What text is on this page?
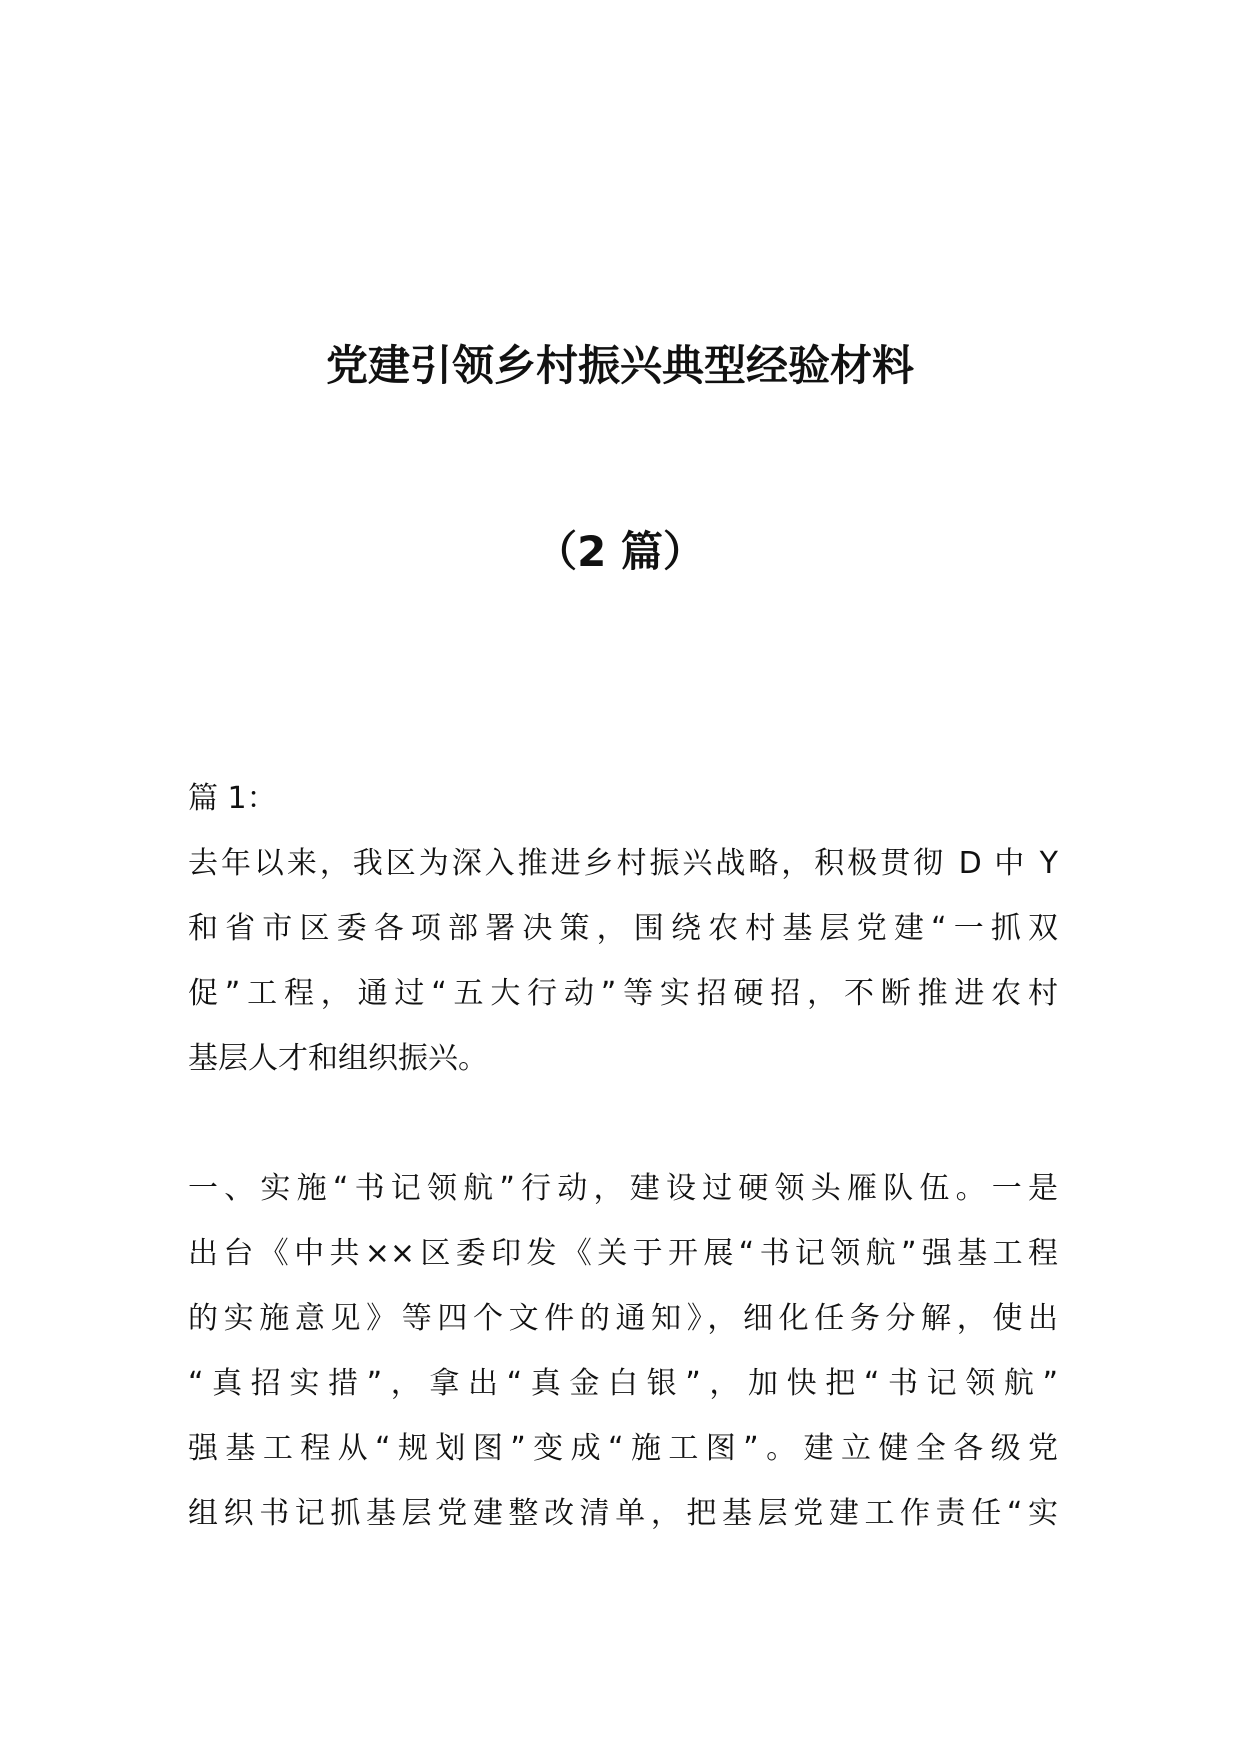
党建引领乡村振兴典型经验材料
（2 篇）

篇 1：

去年以来，我区为深入推进乡村振兴战略，积极贯彻 D 中 Y
和省市区委各项部署决策，围绕农村基层党建“一抓双
促”工程，通过“五大行动”等实招硬招，不断推进农村
基层人才和组织振兴。

一、实施“书记领航”行动，建设过硬领头雁队伍。一是
出台《中共××区委印发《关于开展“书记领航”强基工程
的实施意见》等四个文件的通知》，细化任务分解，使出
“真招实措”，拿出“真金白银”，加快把“书记领航”
强基工程从“规划图”变成“施工图”。建立健全各级党
组织书记抓基层党建整改清单，把基层党建工作责任“实
